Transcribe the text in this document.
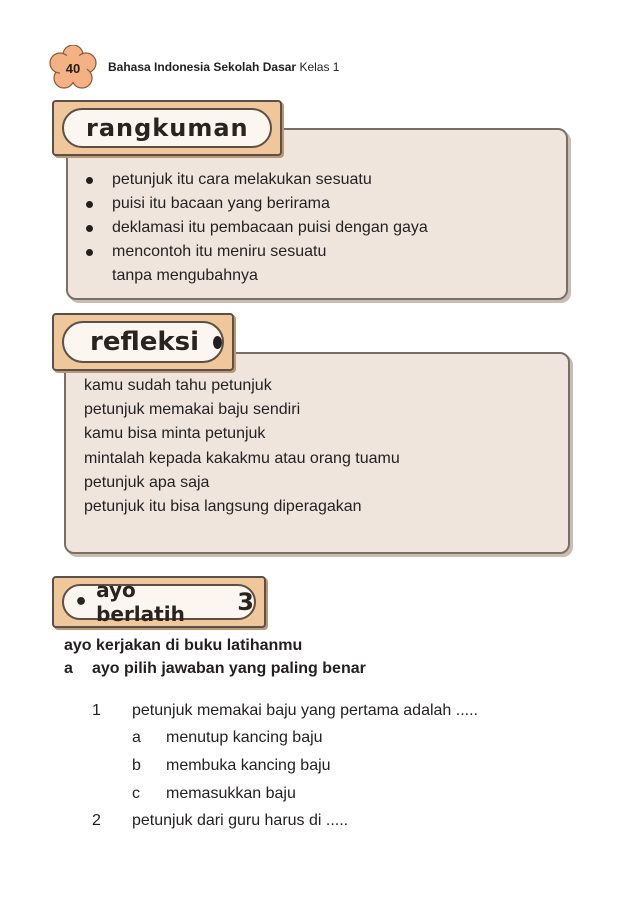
40	Bahasa Indonesia Sekolah Dasar Kelas 1
rangkuman
petunjuk itu cara melakukan sesuatu
puisi itu bacaan yang berirama
deklamasi itu pembacaan puisi dengan gaya
mencontoh itu meniru sesuatu
tanpa mengubahnya
refleksi
kamu sudah tahu petunjuk
petunjuk memakai baju sendiri
kamu bisa minta petunjuk
mintalah kepada kakakmu atau orang tuamu
petunjuk apa saja
petunjuk itu bisa langsung diperagakan
• ayo berlatih	3
ayo kerjakan di buku latihanmu
a ayo pilih jawaban yang paling benar
1 petunjuk memakai baju yang pertama adalah .....
a menutup kancing baju
b membuka kancing baju
c memasukkan baju
2 petunjuk dari guru harus di .....
